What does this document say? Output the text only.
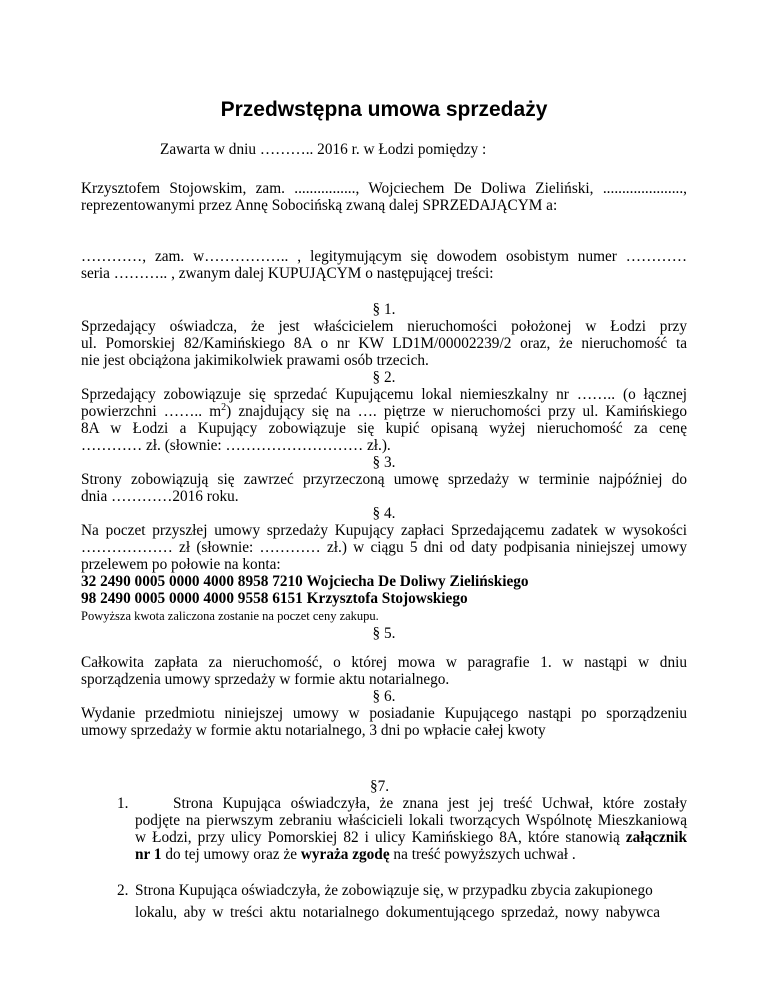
Przedwstępna umowa sprzedaży
Zawarta w dniu ……….. 2016 r. w Łodzi pomiędzy :
Krzysztofem Stojowskim, zam. ................, Wojciechem De Doliwa Zieliński, .....................,
reprezentowanymi przez Annę Sobocińską zwaną dalej SPRZEDAJĄCYM a:
…………, zam. w…………….. , legitymującym się dowodem osobistym numer …………
seria ……….. , zwanym dalej KUPUJĄCYM o następującej treści:
§ 1.
Sprzedający oświadcza, że jest właścicielem nieruchomości położonej w Łodzi przy
ul. Pomorskiej 82/Kamińskiego 8A o nr KW LD1M/00002239/2 oraz, że nieruchomość ta
nie jest obciążona jakimikolwiek prawami osób trzecich.
§ 2.
Sprzedający zobowiązuje się sprzedać Kupującemu lokal niemieszkalny nr …….. (o łącznej
powierzchni …….. $m^2$) znajdujący się na …. piętrze w nieruchomości przy ul. Kamińskiego
8A w Łodzi a Kupujący zobowiązuje się kupić opisaną wyżej nieruchomość za cenę
………… zł. (słownie: ……………………… zł.).
§ 3.
Strony zobowiązują się zawrzeć przyrzeczoną umowę sprzedaży w terminie najpóźniej do
dnia …………2016 roku.
§ 4.
Na poczet przyszłej umowy sprzedaży Kupujący zapłaci Sprzedającemu zadatek w wysokości
……………… zł (słownie: ………… zł.) w ciągu 5 dni od daty podpisania niniejszej umowy
przelewem po połowie na konta:
32 2490 0005 0000 4000 8958 7210 Wojciecha De Doliwy Zielińskiego
98 2490 0005 0000 4000 9558 6151 Krzysztofa Stojowskiego
Powyższa kwota zaliczona zostanie na poczet ceny zakupu.
§ 5.
Całkowita zapłata za nieruchomość, o której mowa w paragrafie 1. w nastąpi w dniu
sporządzenia umowy sprzedaży w formie aktu notarialnego.
§ 6.
Wydanie przedmiotu niniejszej umowy w posiadanie Kupującego nastąpi po sporządzeniu
umowy sprzedaży w formie aktu notarialnego, 3 dni po wpłacie całej kwoty
§7.
1.	Strona Kupująca oświadczyła, że znana jest jej treść Uchwał, które zostały
podjęte na pierwszym zebraniu właścicieli lokali tworzących Wspólnotę Mieszkaniową
w Łodzi, przy ulicy Pomorskiej 82 i ulicy Kamińskiego 8A, które stanowią załącznik
nr 1 do tej umowy oraz że wyraża zgodę na treść powyższych uchwał .
2. Strona Kupująca oświadczyła, że zobowiązuje się, w przypadku zbycia zakupionego
lokalu, aby w treści aktu notarialnego dokumentującego sprzedaż, nowy nabywca
